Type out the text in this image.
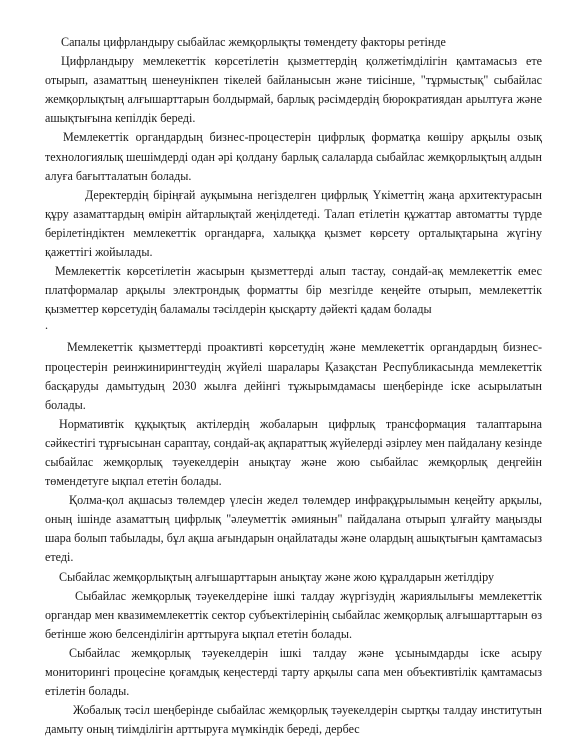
Сапалы цифрландыру сыбайлас жемқорлықты төмендету факторы ретінде

Цифрландыру мемлекеттік көрсетілетін қызметтердің қолжетімділігін қамтамасыз ете отырып, азаматтың шенеунікпен тікелей байланысын және тиісінше, "тұрмыстық" сыбайлас жемқорлықтың алғышарттарын болдырмай, барлық рәсімдердің бюрократиядан арылтуға және ашықтығына кепілдік береді.

Мемлекеттік органдардың бизнес-процестерін цифрлық форматқа көшіру арқылы озық технологиялық шешімдерді одан әрі қолдану барлық салаларда сыбайлас жемқорлықтың алдын алуға бағытталатын болады.

Деректердің біріңғай ауқымына негізделген цифрлық Үкіметтің жаңа архитектурасын құру азаматтардың өмірін айтарлықтай жеңілдетеді. Талап етілетін құжаттар автоматты түрде берілетіндіктен мемлекеттік органдарға, халыққа қызмет көрсету орталықтарына жүгіну қажеттігі жойылады.

Мемлекеттік көрсетілетін жасырын қызметтерді алып тастау, сондай-ақ мемлекеттік емес платформалар арқылы электрондық форматты бір мезгілде кеңейте отырып, мемлекеттік қызметтер көрсетудің баламалы тәсілдерін қысқарту дәйекті қадам болады

.

Мемлекеттік қызметтерді проактивті көрсетудің және мемлекеттік органдардың бизнес-процестерін реинжинирингтеудің жүйелі шаралары Қазақстан Республикасында мемлекеттік басқаруды дамытудың 2030 жылға дейінгі тұжырымдамасы шеңберінде іске асырылатын болады.

Нормативтік құқықтық актілердің жобаларын цифрлық трансформация талаптарына сәйкестігі тұрғысынан сараптау, сондай-ақ ақпараттық жүйелерді әзірлеу мен пайдалану кезінде сыбайлас жемқорлық тәуекелдерін анықтау және жою сыбайлас жемқорлық деңгейін төмендетуге ықпал ететін болады.

Қолма-қол ақшасыз төлемдер үлесін жедел төлемдер инфрақұрылымын кеңейту арқылы, оның ішінде азаматтың цифрлық "әлеуметтік әмиянын" пайдалана отырып ұлғайту маңызды шара болып табылады, бұл ақша ағындарын оңайлатады және олардың ашықтығын қамтамасыз етеді.

Сыбайлас жемқорлықтың алғышарттарын анықтау және жою құралдарын жетілдіру

Сыбайлас жемқорлық тәуекелдеріне ішкі талдау жүргізудің жариялылығы мемлекеттік органдар мен квазимемлекеттік сектор субъектілерінің сыбайлас жемқорлық алғышарттарын өз бетінше жою белсенділігін арттыруға ықпал ететін болады.

Сыбайлас жемқорлық тәуекелдерін ішкі талдау және ұсынымдарды іске асыру мониторингі процесіне қоғамдық кеңестерді тарту арқылы сапа мен объективтілік қамтамасыз етілетін болады.

Жобалық тәсіл шеңберінде сыбайлас жемқорлық тәуекелдерін сыртқы талдау институтын дамыту оның тиімділігін арттыруға мүмкіндік береді, дербес
